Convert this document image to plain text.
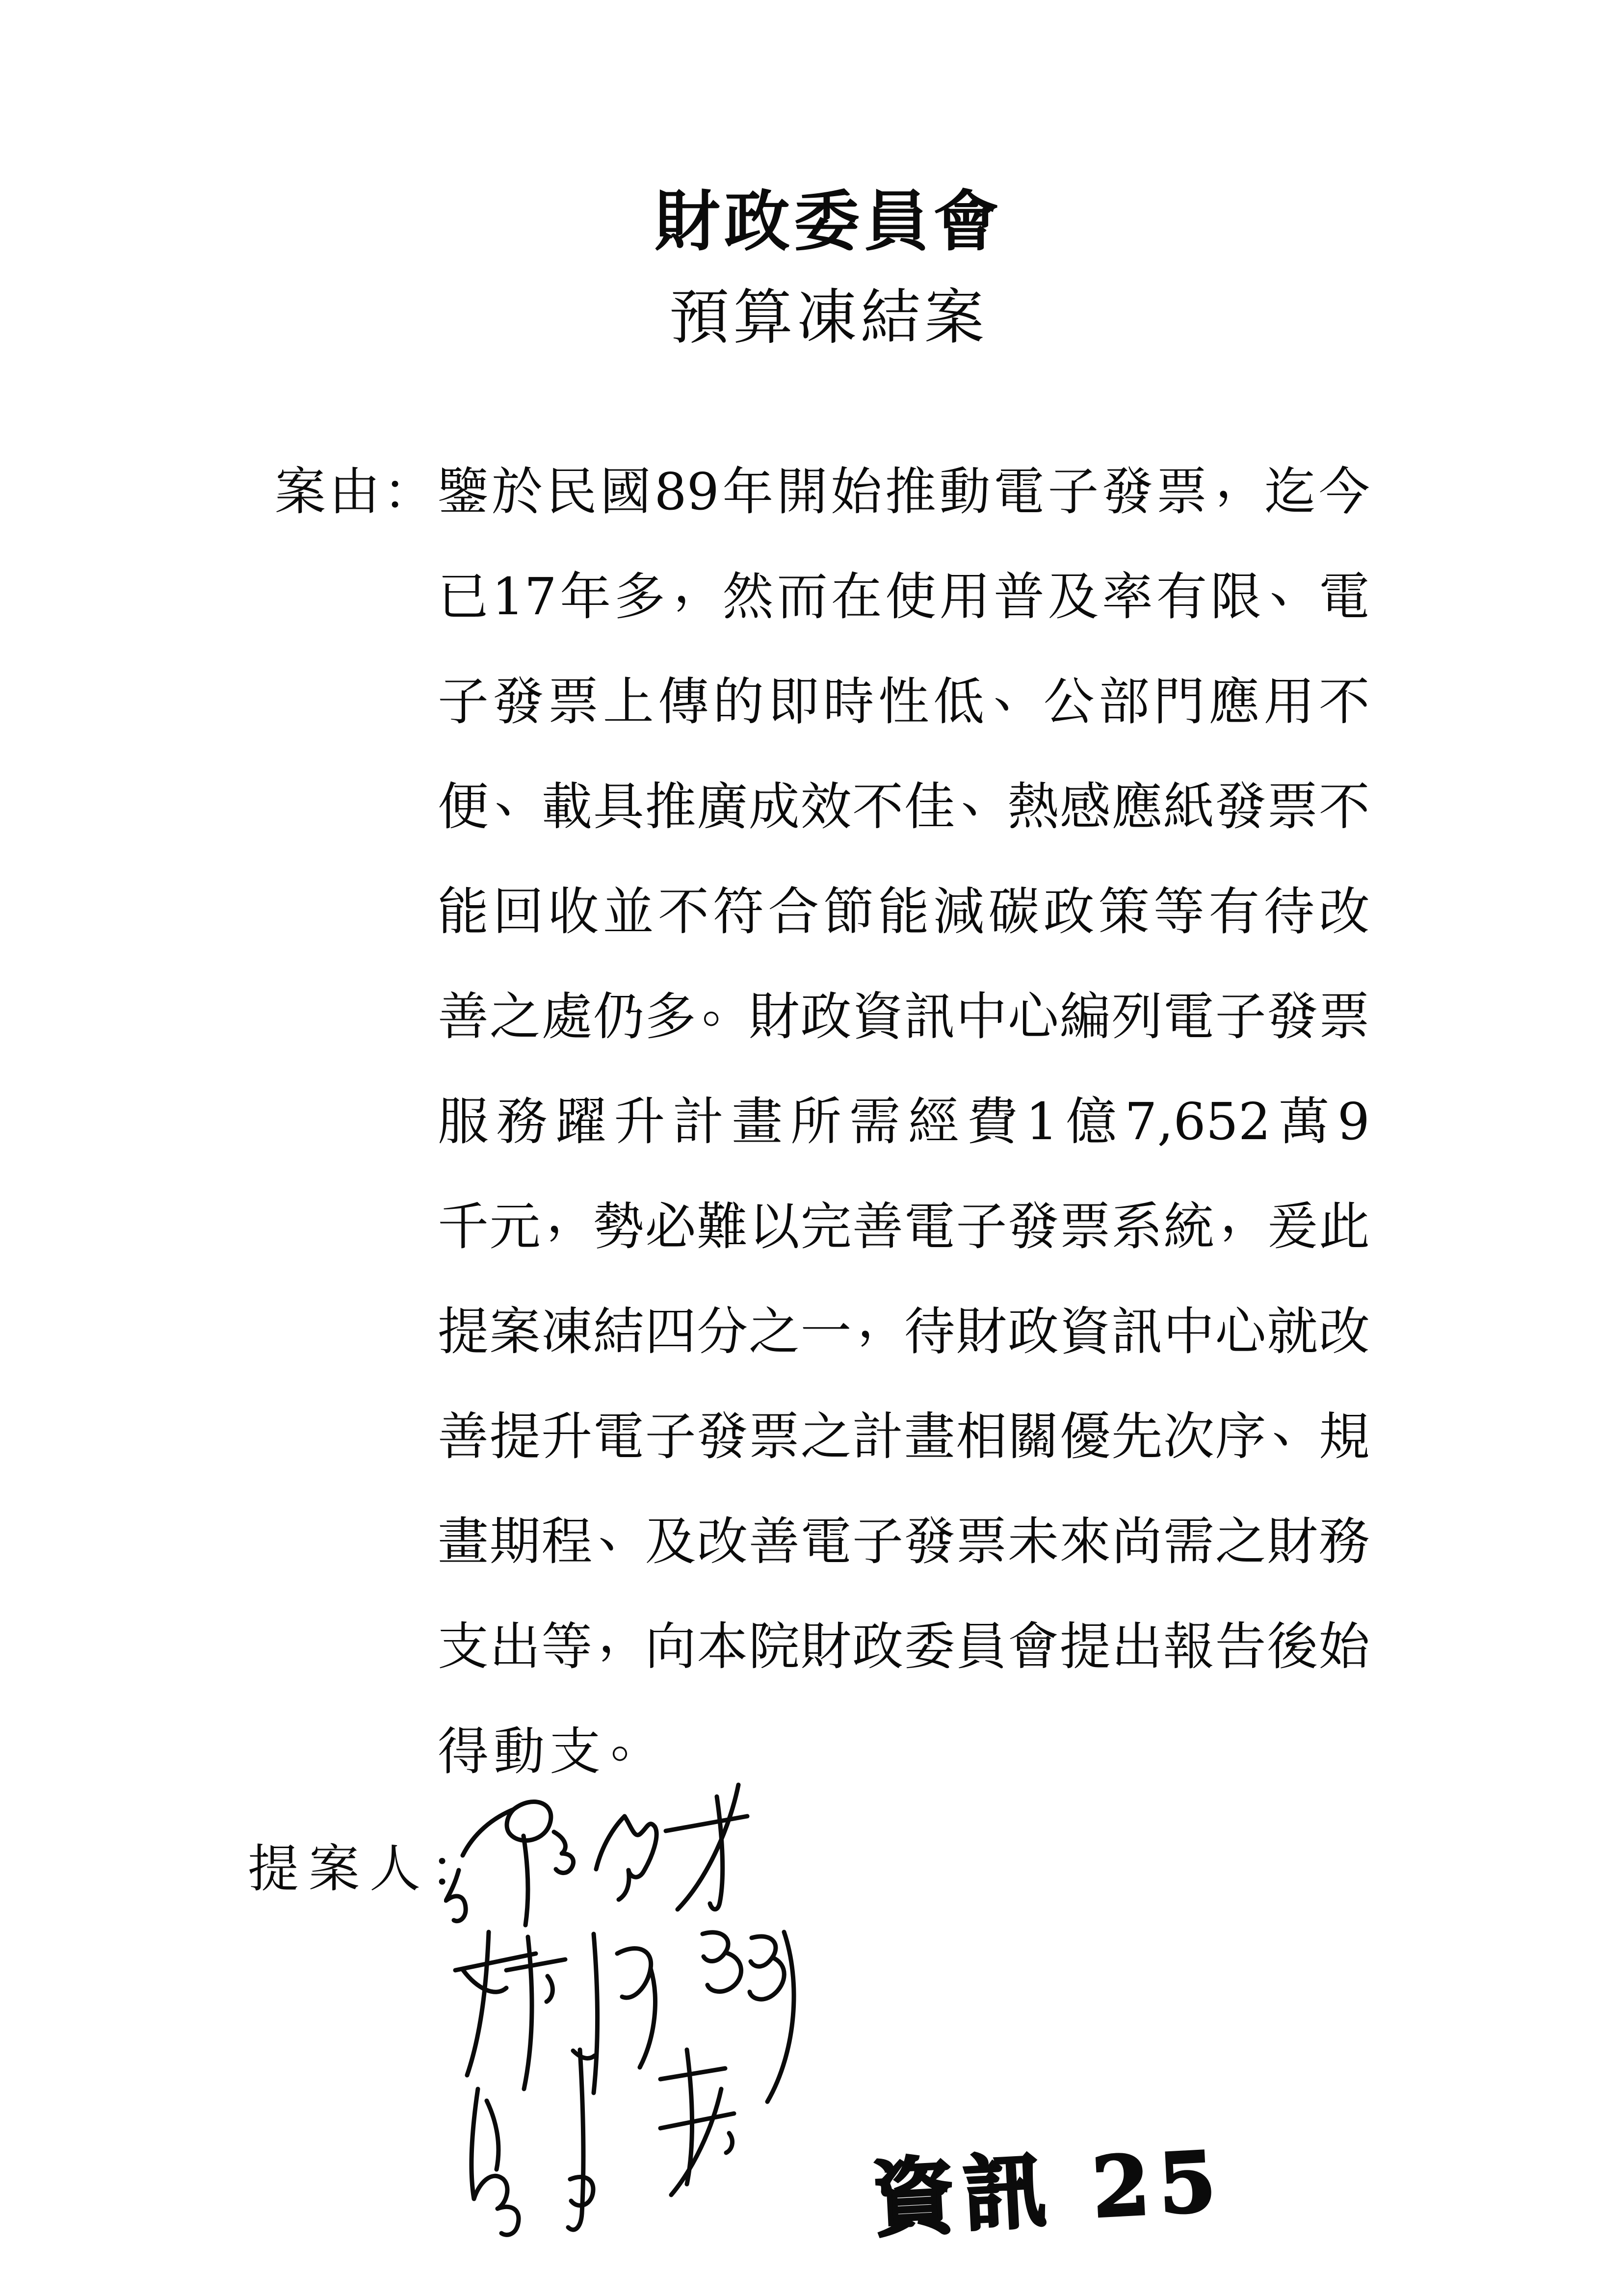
財政委員會
預算凍結案
案 由 ： 鑒 於 民 國 89 年 開 始 推 動 電 子 發 票 ，
迄 今
已 17 年 多 ，
然 而 在 使 用 普 及 率 有 限 、
電
子 發 票 上 傳 的 即 時 性 低 、
公 部 門 應 用 不
便 、
載 具 推 廣 成 效 不 佳 、
熱 感 應 紙 發 票 不
能 回 收 並 不 符 合 節 能 減 碳 政 策 等 有 待 改
善 之 處 仍 多 。
財 政 資 訊 中 心 編 列 電 子 發 票
服 務 躍 升 計 畫 所 需 經 費 1 億 7,652 萬 9
千 元 ，
勢 必 難 以 完 善 電 子 發 票 系 統 ，
爰 此
提 案 凍 結 四 分 之 一 ，
待 財 政 資 訊 中 心 就 改
善 提 升 電 子 發 票 之 計 畫 相 關 優 先 次 序 、
規
畫 期 程 、
及 改 善 電 子 發 票 未 來 尚 需 之 財 務
支 出 等 ，
向 本 院 財 政 委 員 會 提 出 報 告 後 始
得 動 支 。
提案人：
資訊 25
